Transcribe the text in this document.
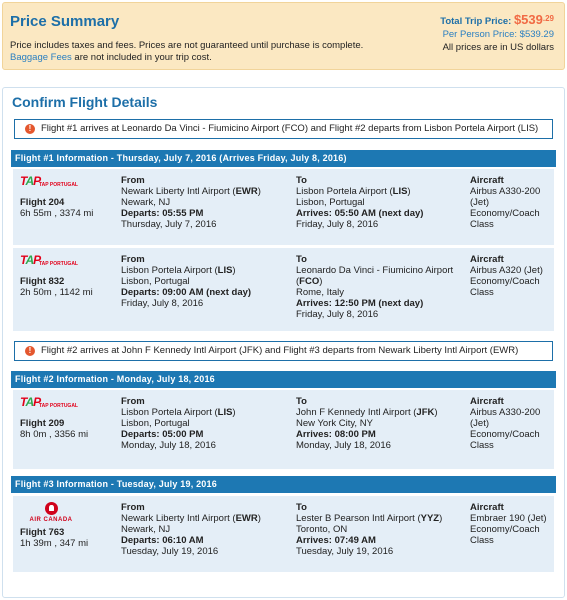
Price Summary
Price includes taxes and fees. Prices are not guaranteed until purchase is complete.
Baggage Fees are not included in your trip cost.
Total Trip Price: $\$539^{.29}$
Per Person Price: $539.29
All prices are in US dollars
Confirm Flight Details
!	Flight #1 arrives at Leonardo Da Vinci - Fiumicino Airport (FCO) and Flight #2 departs from Lisbon Portela Airport (LIS)
Flight #1 Information - Thursday, July 7, 2016 (Arrives Friday, July 8, 2016)
TAP
TAP PORTUGAL
Flight 204
6h 55m , 3374 mi
From
Newark Liberty Intl Airport (EWR)
Newark, NJ
Departs: 05:55 PM
Thursday, July 7, 2016
To
Lisbon Portela Airport (LIS)
Lisbon, Portugal
Arrives: 05:50 AM (next day)
Friday, July 8, 2016
Aircraft
Airbus A330-200
(Jet)
Economy/Coach
Class
TAP
TAP PORTUGAL
Flight 832
2h 50m , 1142 mi
From
Lisbon Portela Airport (LIS)
Lisbon, Portugal
Departs: 09:00 AM (next day)
Friday, July 8, 2016
To
Leonardo Da Vinci - Fiumicino Airport
(FCO)
Rome, Italy
Arrives: 12:50 PM (next day)
Friday, July 8, 2016
Aircraft
Airbus A320 (Jet)
Economy/Coach
Class
!	Flight #2 arrives at John F Kennedy Intl Airport (JFK) and Flight #3 departs from Newark Liberty Intl Airport (EWR)
Flight #2 Information - Monday, July 18, 2016
TAP
TAP PORTUGAL
Flight 209
8h 0m , 3356 mi
From
Lisbon Portela Airport (LIS)
Lisbon, Portugal
Departs: 05:00 PM
Monday, July 18, 2016
To
John F Kennedy Intl Airport (JFK)
New York City, NY
Arrives: 08:00 PM
Monday, July 18, 2016
Aircraft
Airbus A330-200
(Jet)
Economy/Coach
Class
Flight #3 Information - Tuesday, July 19, 2016
AIR CANADA
Flight 763
1h 39m , 347 mi
From
Newark Liberty Intl Airport (EWR)
Newark, NJ
Departs: 06:10 AM
Tuesday, July 19, 2016
To
Lester B Pearson Intl Airport (YYZ)
Toronto, ON
Arrives: 07:49 AM
Tuesday, July 19, 2016
Aircraft
Embraer 190 (Jet)
Economy/Coach
Class
